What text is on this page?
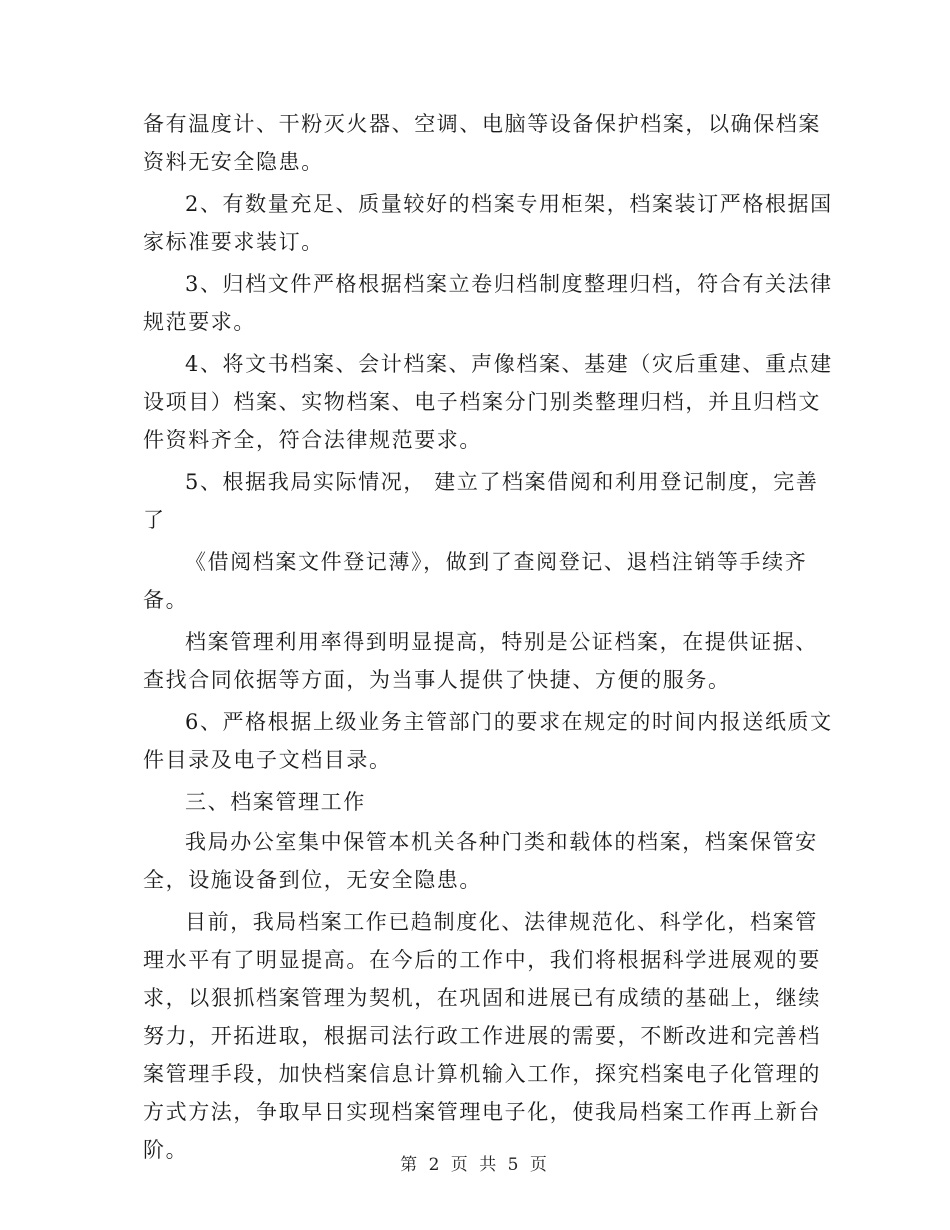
备有温度计、干粉灭火器、空调、电脑等设备保护档案，以确保档案
资料无安全隐患。
2、有数量充足、质量较好的档案专用柜架，档案装订严格根据国
家标准要求装订。
3、归档文件严格根据档案立卷归档制度整理归档，符合有关法律
规范要求。
4、将文书档案、会计档案、声像档案、基建（灾后重建、重点建
设项目）档案、实物档案、电子档案分门别类整理归档，并且归档文
件资料齐全，符合法律规范要求。
5、根据我局实际情况， 建立了档案借阅和利用登记制度，完善
了
《借阅档案文件登记薄》，做到了查阅登记、退档注销等手续齐
备。
档案管理利用率得到明显提高，特别是公证档案，在提供证据、
查找合同依据等方面，为当事人提供了快捷、方便的服务。
6、严格根据上级业务主管部门的要求在规定的时间内报送纸质文
件目录及电子文档目录。
三、档案管理工作
我局办公室集中保管本机关各种门类和载体的档案，档案保管安
全，设施设备到位，无安全隐患。
目前，我局档案工作已趋制度化、法律规范化、科学化，档案管
理水平有了明显提高。在今后的工作中，我们将根据科学进展观的要
求，以狠抓档案管理为契机，在巩固和进展已有成绩的基础上，继续
努力，开拓进取，根据司法行政工作进展的需要，不断改进和完善档
案管理手段，加快档案信息计算机输入工作，探究档案电子化管理的
方式方法，争取早日实现档案管理电子化，使我局档案工作再上新台
阶。
第 2 页 共 5 页
